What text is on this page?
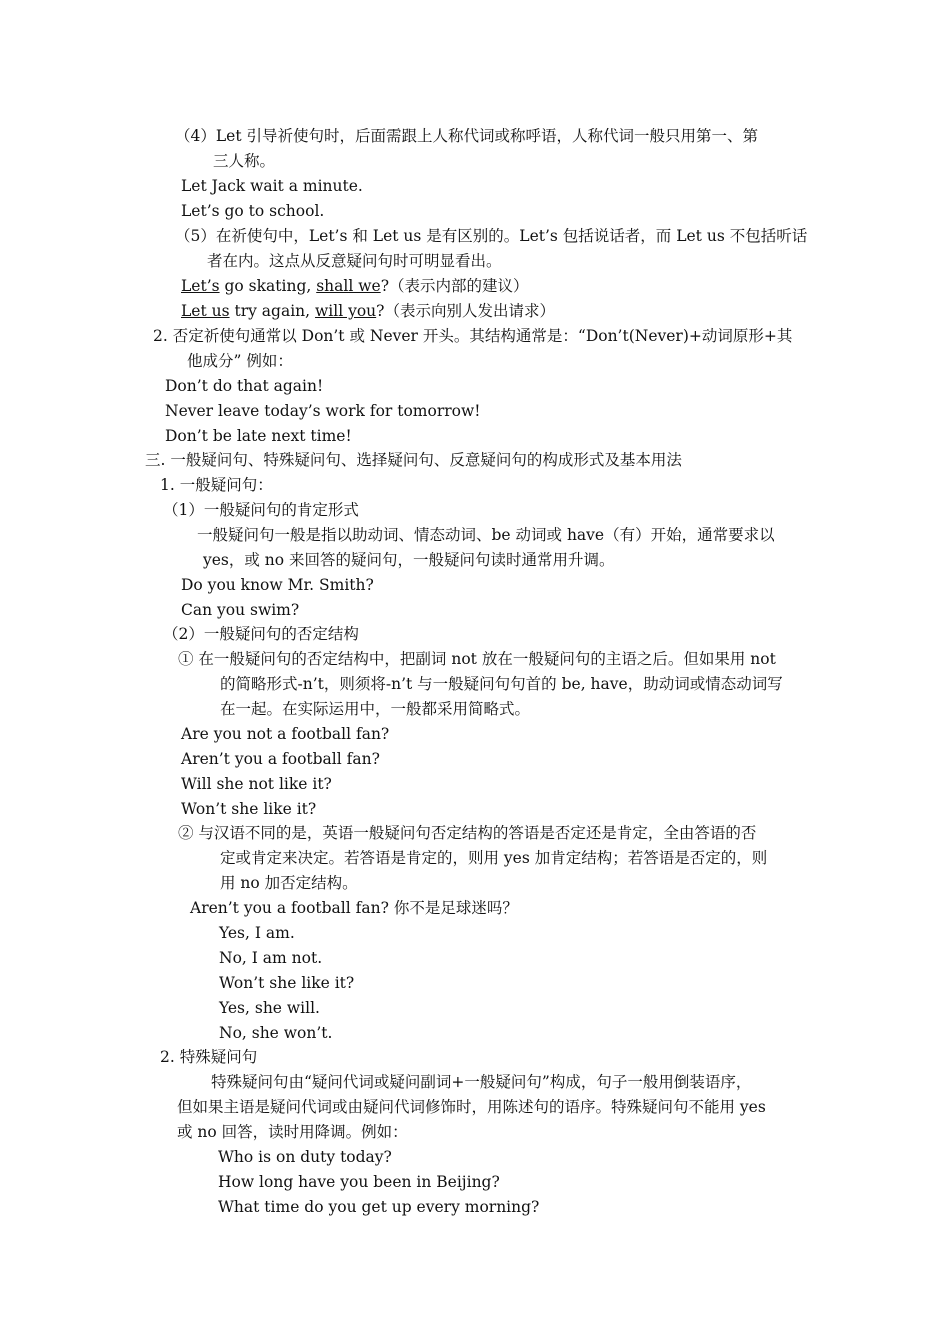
（4）Let 引导祈使句时，后面需跟上人称代词或称呼语，人称代词一般只用第一、第
三人称。
Let Jack wait a minute.
Let’s go to school.
（5）在祈使句中，Let’s 和 Let us 是有区别的。Let’s 包括说话者，而 Let us 不包括听话
者在内。这点从反意疑问句时可明显看出。
Let’s go skating, shall we?（表示内部的建议）
Let us try again, will you?（表示向别人发出请求）
2. 否定祈使句通常以 Don’t 或 Never 开头。其结构通常是：“Don’t(Never)+动词原形+其
他成分” 例如：
Don’t do that again!
Never leave today’s work for tomorrow!
Don’t be late next time!
三. 一般疑问句、特殊疑问句、选择疑问句、反意疑问句的构成形式及基本用法
1. 一般疑问句：
（1）一般疑问句的肯定形式
一般疑问句一般是指以助动词、情态动词、be 动词或 have（有）开始，通常要求以
yes，或 no 来回答的疑问句，一般疑问句读时通常用升调。
Do you know Mr. Smith?
Can you swim?
（2）一般疑问句的否定结构
① 在一般疑问句的否定结构中，把副词 not 放在一般疑问句的主语之后。但如果用 not
的简略形式-n’t，则须将-n’t 与一般疑问句句首的 be, have，助动词或情态动词写
在一起。在实际运用中，一般都采用简略式。
Are you not a football fan?
Aren’t you a football fan?
Will she not like it?
Won’t she like it?
② 与汉语不同的是，英语一般疑问句否定结构的答语是否定还是肯定，全由答语的否
定或肯定来决定。若答语是肯定的，则用 yes 加肯定结构；若答语是否定的，则
用 no 加否定结构。
Aren’t you a football fan? 你不是足球迷吗？
Yes, I am.
No, I am not.
Won’t she like it?
Yes, she will.
No, she won’t.
2. 特殊疑问句
特殊疑问句由“疑问代词或疑问副词+一般疑问句”构成，句子一般用倒装语序，
但如果主语是疑问代词或由疑问代词修饰时，用陈述句的语序。特殊疑问句不能用 yes
或 no 回答，读时用降调。例如：
Who is on duty today?
How long have you been in Beijing?
What time do you get up every morning?
